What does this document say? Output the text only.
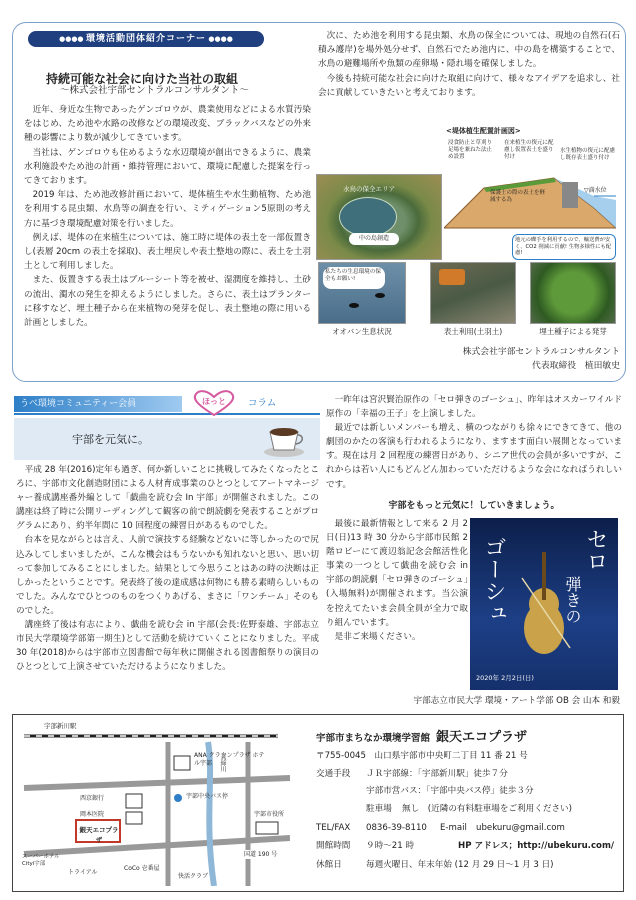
●●●● 環境活動団体紹介コーナー ●●●●
持続可能な社会に向けた当社の取組
～株式会社宇部セントラルコンサルタント～

近年、身近な生物であったゲンゴロウが、農業使用などによる水質汚染をはじめ、ため池や水路の改修などの環境改変、ブラックバスなどの外来種の影響により数が減少してきています。

当社は、ゲンゴロウも住めるような水辺環境が創出できるように、農業水利施設やため池の計画・維持管理において、環境に配慮した提案を行ってきております。

2019 年は、ため池改修計画において、堤体植生や水生動植物、ため池を利用する昆虫類、水鳥等の調査を行い、ミティゲーション5原則の考え方に基づき環境配慮対策を行いました。

例えば、堤体の在来植生については、施工時に堤体の表土を一部仮置きし(表層 20cm の表土を採取)、表土埋戻しや表土整地の際に、表土を土羽土として利用しました。

また、仮置きする表土はブルーシート等を被せ、湿潤度を維持し、土砂の流出、濁水の発生を抑えるようにしました。さらに、表土はプランターに移すなど、埋土種子から在来植物の発芽を促し、表土整地の際に用いる計画としました。

次に、ため池を利用する昆虫類、水鳥の保全については、現地の自然石(石積み護岸)を場外処分せず、自然石でため池内に、中の島を構築することで、水鳥の避難場所や魚類の産卵場・隠れ場を確保しました。

今後も持続可能な社会に向けた取組に向けて、様々なアイデアを追求し、社会に貢献していきたいと考えております。

水鳥の保全エリア
中の島創造
<堤体植生配置計画図>
浸食防止と草刈り足場を兼ねた法止め設置
在来植生の復元に配慮し仮置表土を盛り付け
保護土の際の表土を軽減する為
水生植物の復元に配慮し既存表土盛り付け
▽満水位
地元の礫手を利用するので、輸送費が安く、CO2 削減に貢献! 生物多様性にも配慮!
私たちの生息環境の保全もお願い!
オオバン生息状況	表土利用(土羽土)	埋土種子による発芽
株式会社宇部セントラルコンサルタント
代表取締役　植田敏史
うべ環境コミュニティー会員	ほっと コラム
宇部を元気に。

平成 28 年(2016)定年も過ぎ、何か新しいことに挑戦してみたくなったところに、宇部市文化創造財団による人材育成事業のひとつとしてアートマネージャー養成講座番外編として「戯曲を読む会 In 宇部」が開催されました。この講座は終了時に公開リーディングして観客の前で朗読劇を発表することがプログラムにあり、約半年間に 10 回程度の練習日があるものでした。

台本を見ながらとは言え、人前で演技する経験などないに等しかったので尻込みしてしまいましたが、こんな機会はもうないかも知れないと思い、思い切って参加してみることにしました。結果として今思うことはあの時の決断は正しかったということです。発表終了後の達成感は何物にも勝る素晴らしいものでした。みんなでひとつのものをつくりあげる、まさに「ワンチーム」そのものでした。

講座終了後は有志により、戯曲を読む会 in 宇部(会長:佐野泰雄、宇部志立市民大学環境学部第一期生)として活動を続けていくことになりました。平成 30 年(2018)からは宇部市立図書館で毎年秋に開催される図書館祭りの演目のひとつとして上演させていただけるようになりました。

一昨年は宮沢賢治原作の「セロ弾きのゴーシュ」、昨年はオスカーワイルド原作の「幸福の王子」を上演しました。

最近では新しいメンバーも増え、横のつながりも徐々にできてきて、他の劇団のかたの客演も行われるようになり、ますます面白い展開となっています。現在は月 2 回程度の練習日があり、シニア世代の会員が多いですが、これからは若い人にもどんどん加わっていただけるような会になればうれしいです。

宇部をもっと元気に！していきましょう。

最後に最新情報として来る 2 月 2 日(日)13 時 30 分から宇部市民館 2 階ロビーにて渡辺翁記念会館活性化事業の一つとして戯曲を読む会 in 宇部の朗読劇「セロ弾きのゴーシュ」(入場無料)が開催されます。当公演を控えてたいま会員全員が全力で取り組んでいます。

是非ご来場ください。

セロ
弾きの
ゴーシュ
2020年 2月2日(日)
宇部志立市民大学 環境・アート学部 OB 会 山本 和毅
宇部新川駅
ANA クラウンプラザ ホテル宇部
西京銀行
岡本医院
宇部中央バス停
銀天エコプラザ
宇部市役所
国道 190 号
スーパーホテル Cityi宇部
トライアル
CoCo 壱番屋
快活クラブ
真締川
宇部市まちなか環境学習館 銀天エコプラザ
〒755-0045　山口県宇部市中央町二丁目 11 番 21 号
交通手段 ＪＲ宇部線：「宇部新川駅」徒歩７分
宇部市営バス：「宇部中央バス停」徒歩３分
駐車場 無し　(近隣の有料駐車場をご利用ください)
TEL/FAX 0836-39-8110 E-mail ubekuru@gmail.com
開館時間 ９時～21 時	HP アドレス；http://ubekuru.com/
休館日	毎週火曜日、年末年始 (12 月 29 日～1 月 3 日)
